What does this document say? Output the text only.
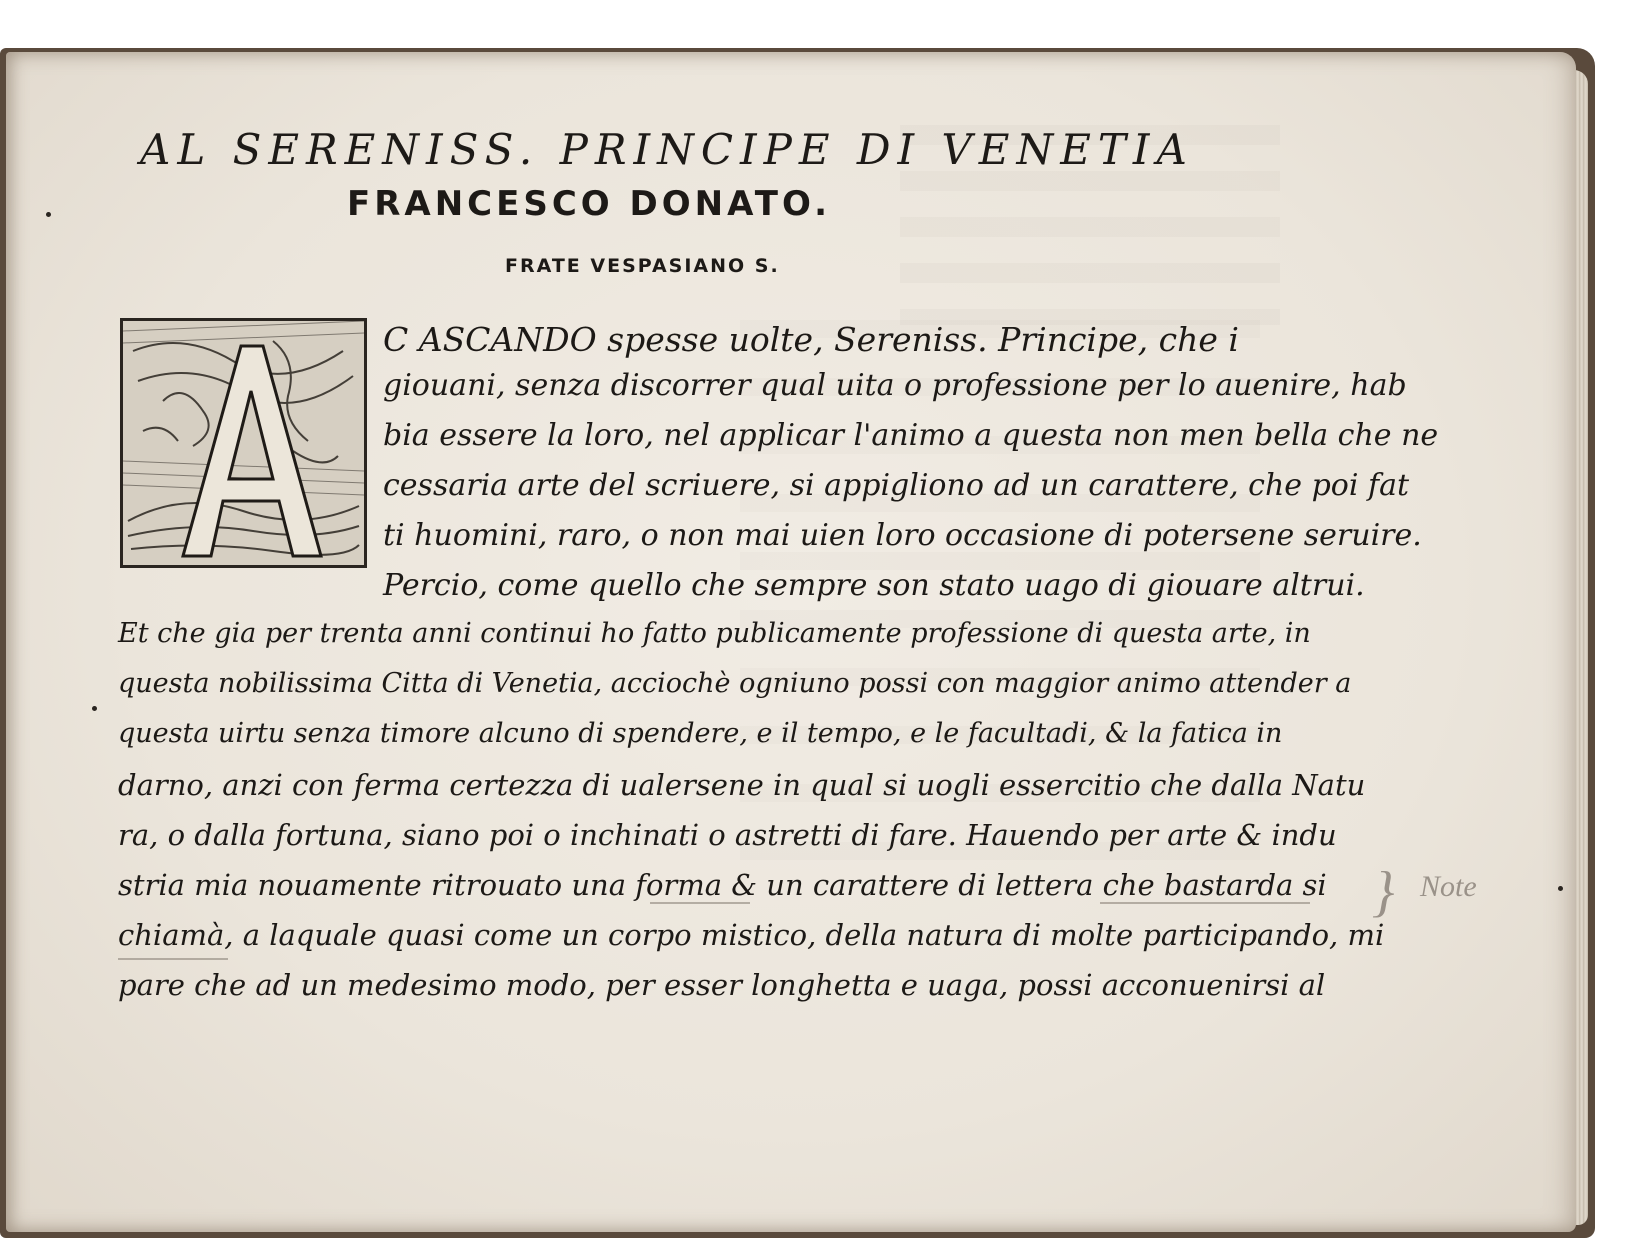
AL SERENISS. PRINCIPE DI VENETIA
FRANCESCO DONATO.
FRATE VESPASIANO S.
C ASCANDO spesse uolte, Sereniss. Principe, che i
giouani, senza discorrer qual uita o professione per lo auenire, hab
bia essere la loro, nel applicar l'animo a questa non men bella che ne
cessaria arte del scriuere, si appigliono ad un carattere, che poi fat
ti huomini, raro, o non mai uien loro occasione di potersene seruire.
Percio, come quello che sempre son stato uago di giouare altrui.
Et che gia per trenta anni continui ho fatto publicamente professione di questa arte, in
questa nobilissima Citta di Venetia, acciochè ogniuno possi con maggior animo attender a
questa uirtu senza timore alcuno di spendere, e il tempo, e le facultadi, & la fatica in
darno, anzi con ferma certezza di ualersene in qual si uogli essercitio che dalla Natu
ra, o dalla fortuna, siano poi o inchinati o astretti di fare. Hauendo per arte & indu
stria mia nouamente ritrouato una forma & un carattere di lettera che bastarda si
chiamà, a laquale quasi come un corpo mistico, della natura di molte participando, mi
pare che ad un medesimo modo, per esser longhetta e uaga, possi acconuenirsi al
} Note
